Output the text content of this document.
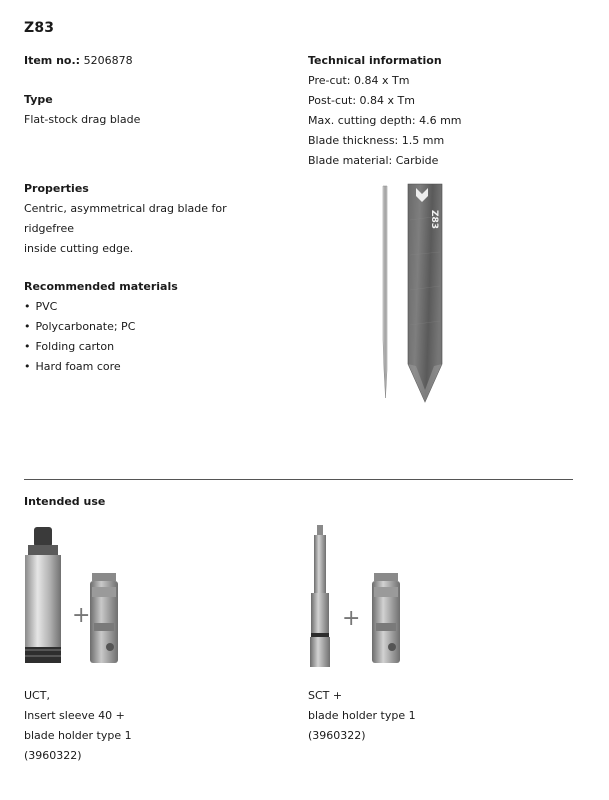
Z83
Item no.: 5206878
Type
Flat-stock drag blade
Technical information
Pre-cut: 0.84 x Tm
Post-cut: 0.84 x Tm
Max. cutting depth: 4.6 mm
Blade thickness: 1.5 mm
Blade material: Carbide
Properties
Centric, asymmetrical drag blade for
ridgefree
inside cutting edge.
Recommended materials
• PVC
• Polycarbonate; PC
• Folding carton
• Hard foam core
Z83
Intended use
+	+
UCT,
Insert sleeve 40 +
blade holder type 1
(3960322)
SCT +
blade holder type 1
(3960322)
